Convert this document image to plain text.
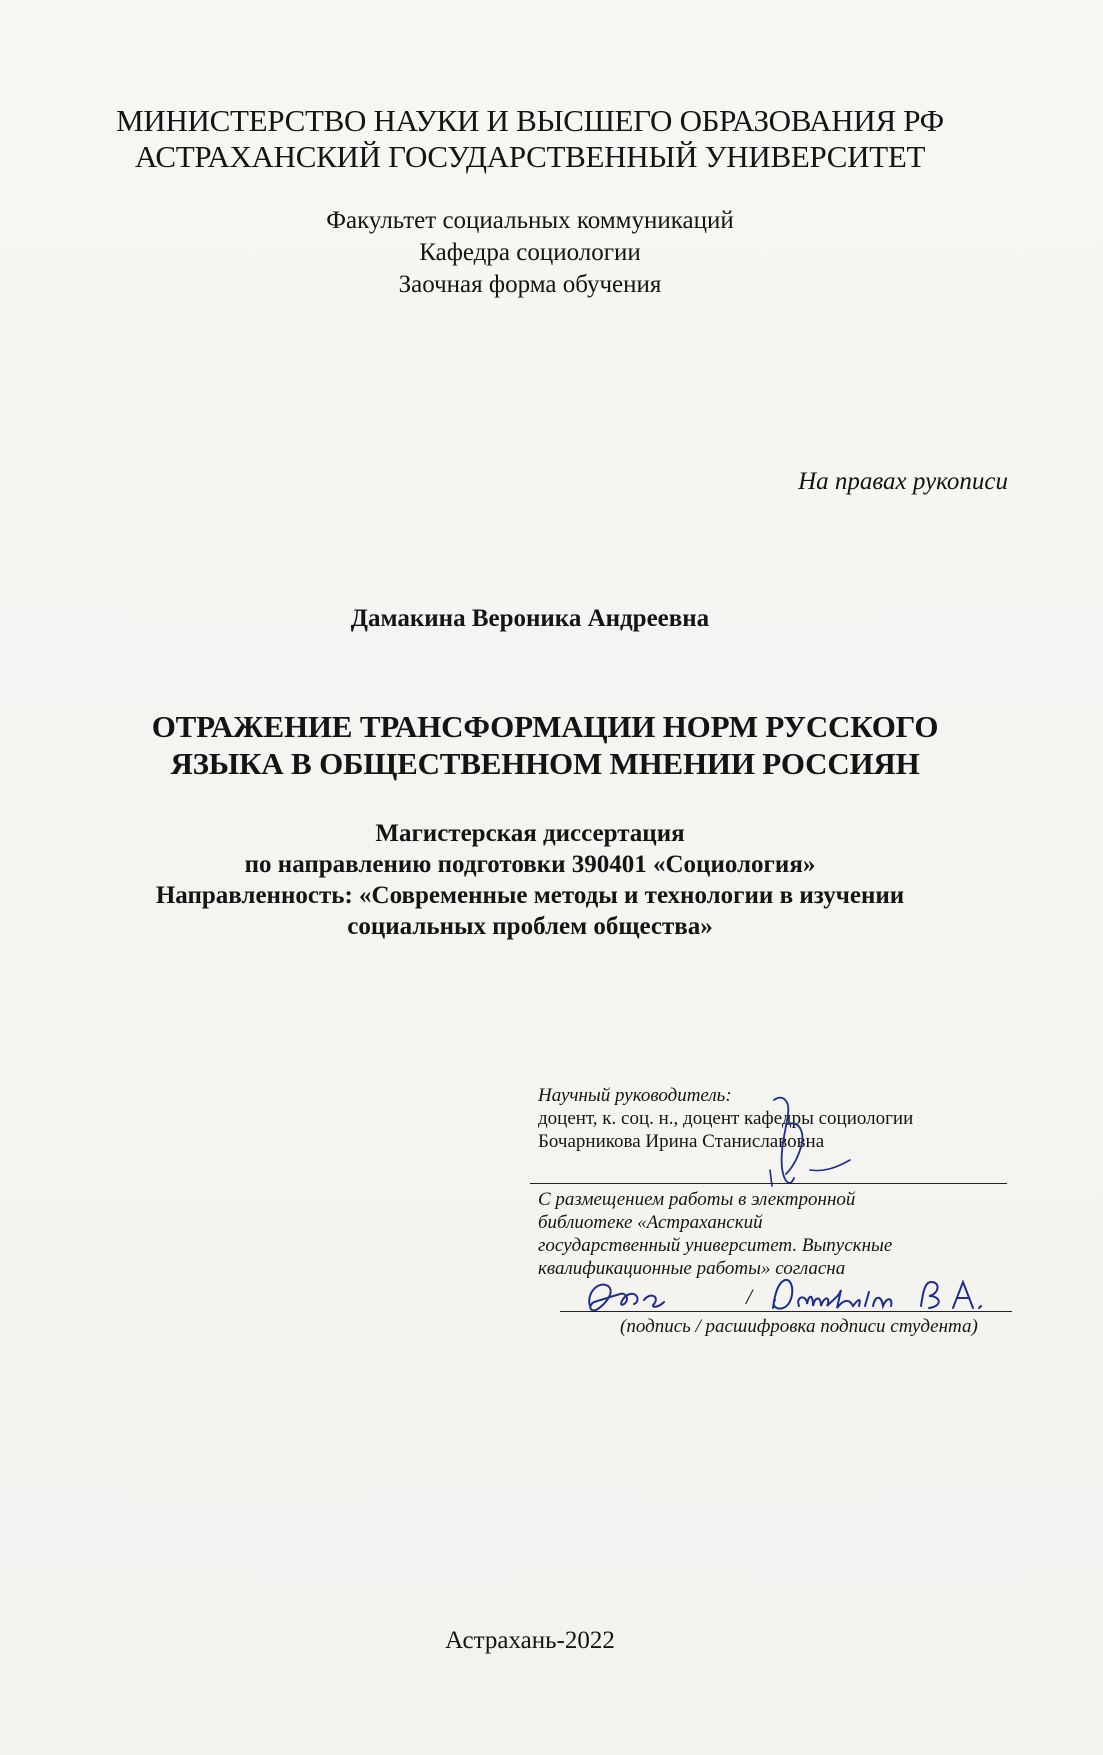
МИНИСТЕРСТВО НАУКИ И ВЫСШЕГО ОБРАЗОВАНИЯ РФ
АСТРАХАНСКИЙ ГОСУДАРСТВЕННЫЙ УНИВЕРСИТЕТ
Факультет социальных коммуникаций
Кафедра социологии
Заочная форма обучения
На правах рукописи
Дамакина Вероника Андреевна
ОТРАЖЕНИЕ ТРАНСФОРМАЦИИ НОРМ РУССКОГО
ЯЗЫКА В ОБЩЕСТВЕННОМ МНЕНИИ РОССИЯН
Магистерская диссертация
по направлению подготовки 390401 «Социология»
Направленность: «Современные методы и технологии в изучении
социальных проблем общества»
Научный руководитель:
доцент, к. соц. н., доцент кафедры социологии
Бочарникова Ирина Станиславовна
С размещением работы в электронной
библиотеке «Астраханский
государственный университет. Выпускные
квалификационные работы» согласна
/
(подпись / расшифровка подписи студента)
Астрахань-2022
